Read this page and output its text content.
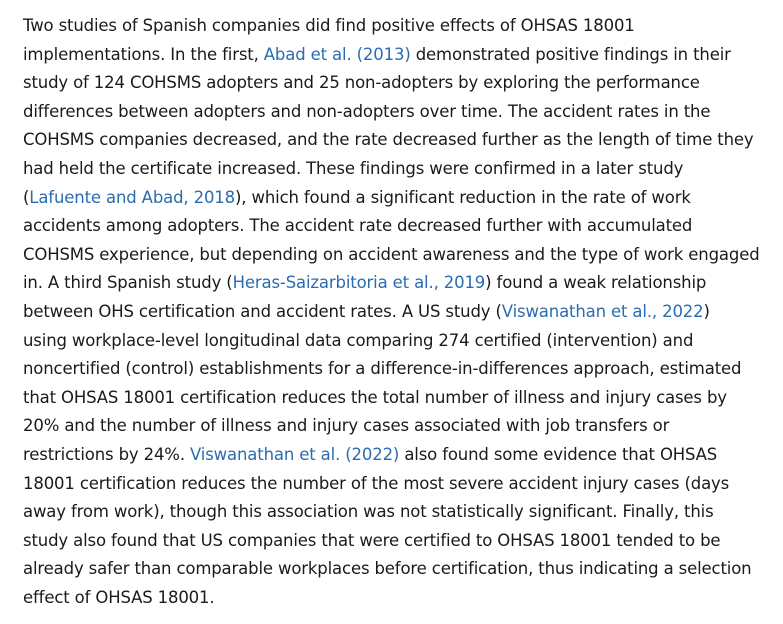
Two studies of Spanish companies did find positive effects of OHSAS 18001
implementations. In the first, Abad et al. (2013) demonstrated positive findings in their
study of 124 COHSMS adopters and 25 non-adopters by exploring the performance
differences between adopters and non-adopters over time. The accident rates in the
COHSMS companies decreased, and the rate decreased further as the length of time they
had held the certificate increased. These findings were confirmed in a later study
(Lafuente and Abad, 2018), which found a significant reduction in the rate of work
accidents among adopters. The accident rate decreased further with accumulated
COHSMS experience, but depending on accident awareness and the type of work engaged
in. A third Spanish study (Heras-Saizarbitoria et al., 2019) found a weak relationship
between OHS certification and accident rates. A US study (Viswanathan et al., 2022)
using workplace-level longitudinal data comparing 274 certified (intervention) and
noncertified (control) establishments for a difference-in-differences approach, estimated
that OHSAS 18001 certification reduces the total number of illness and injury cases by
20% and the number of illness and injury cases associated with job transfers or
restrictions by 24%. Viswanathan et al. (2022) also found some evidence that OHSAS
18001 certification reduces the number of the most severe accident injury cases (days
away from work), though this association was not statistically significant. Finally, this
study also found that US companies that were certified to OHSAS 18001 tended to be
already safer than comparable workplaces before certification, thus indicating a selection
effect of OHSAS 18001.
